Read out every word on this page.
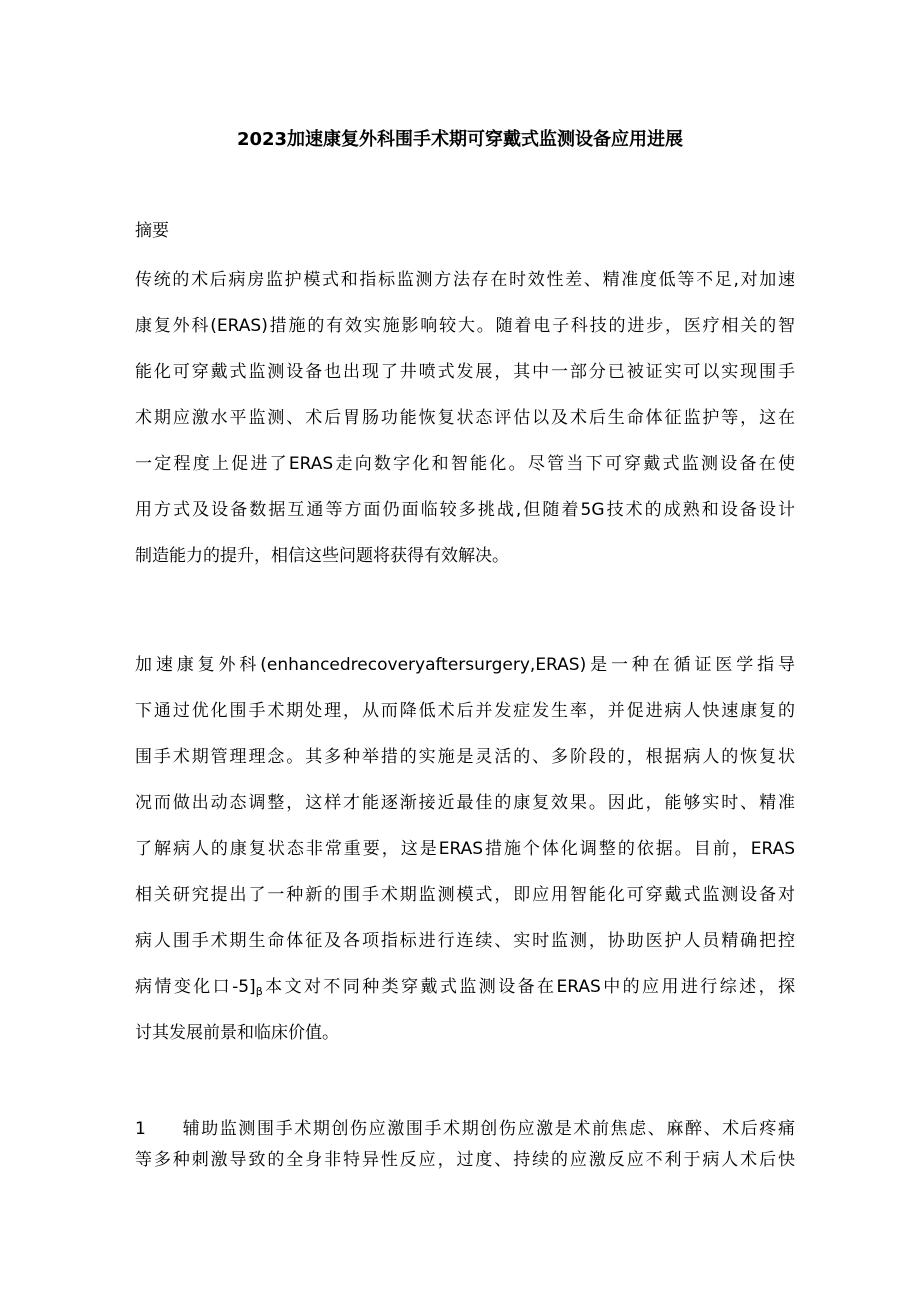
2023加速康复外科围手术期可穿戴式监测设备应用进展
摘要
传统的术后病房监护模式和指标监测方法存在时效性差、精准度低等不足,对加速
康复外科(ERAS)措施的有效实施影响较大。随着电子科技的进步，医疗相关的智
能化可穿戴式监测设备也出现了井喷式发展，其中一部分已被证实可以实现围手
术期应激水平监测、术后胃肠功能恢复状态评估以及术后生命体征监护等，这在
一定程度上促进了ERAS走向数字化和智能化。尽管当下可穿戴式监测设备在使
用方式及设备数据互通等方面仍面临较多挑战,但随着5G技术的成熟和设备设计
制造能力的提升，相信这些问题将获得有效解决。
加速康复外科(enhancedrecoveryaftersurgery,ERAS)是一种在循证医学指导
下通过优化围手术期处理，从而降低术后并发症发生率，并促进病人快速康复的
围手术期管理理念。其多种举措的实施是灵活的、多阶段的，根据病人的恢复状
况而做出动态调整，这样才能逐渐接近最佳的康复效果。因此，能够实时、精准
了解病人的康复状态非常重要，这是ERAS措施个体化调整的依据。目前，ERAS
相关研究提出了一种新的围手术期监测模式，即应用智能化可穿戴式监测设备对
病人围手术期生命体征及各项指标进行连续、实时监测，协助医护人员精确把控
病情变化口$-5]_\beta$本文对不同种类穿戴式监测设备在ERAS中的应用进行综述，探
讨其发展前景和临床价值。
1 辅助监测围手术期创伤应激围手术期创伤应激是术前焦虑、麻醉、术后疼痛
等多种刺激导致的全身非特异性反应，过度、持续的应激反应不利于病人术后快
